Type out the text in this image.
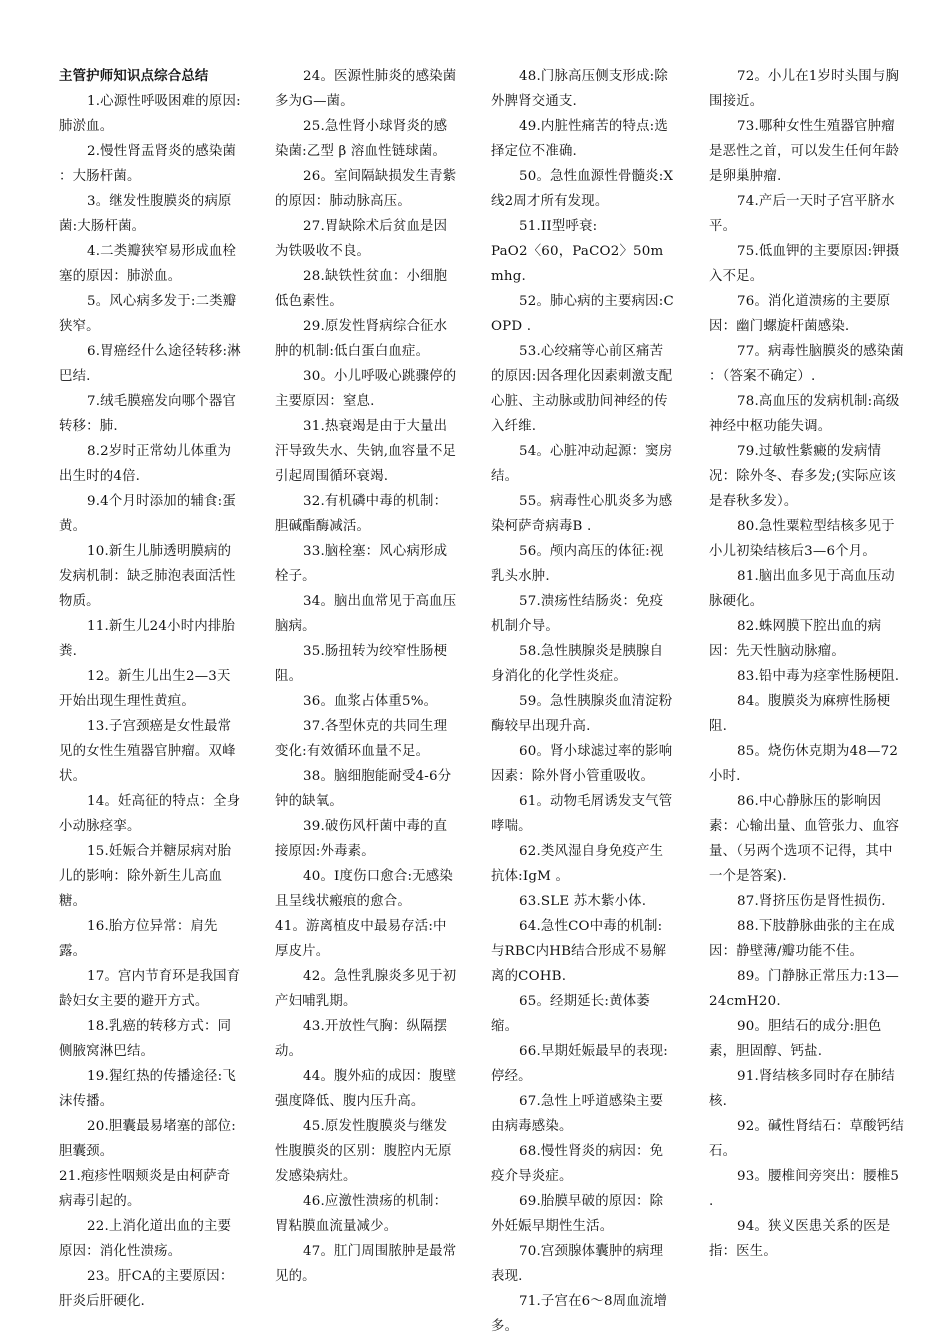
主管护师知识点综合总结

1.心源性呼吸困难的原因:肺淤血。

2.慢性肾盂肾炎的感染菌 ：大肠杆菌。

3。继发性腹膜炎的病原菌:大肠杆菌。

4.二类瓣狭窄易形成血栓塞的原因：肺淤血。

5。风心病多发于:二类瓣狭窄。

6.胃癌经什么途径转移:淋巴结.

7.绒毛膜癌发向哪个器官转移：肺.

8.2岁时正常幼儿体重为出生时的4倍.

9.4个月时添加的辅食:蛋黄。

10.新生儿肺透明膜病的发病机制：缺乏肺泡表面活性物质。

11.新生儿24小时内排胎粪.

12。新生儿出生2—3天开始出现生理性黄疸。

13.子宫颈癌是女性最常见的女性生殖器官肿瘤。双峰状。

14。妊高征的特点：全身小动脉痉挛。

15.妊娠合并糖尿病对胎儿的影响：除外新生儿高血糖。

16.胎方位异常：肩先露。

17。宫内节育环是我国育龄妇女主要的避开方式。

18.乳癌的转移方式：同侧腋窝淋巴结。

19.猩红热的传播途径:飞沫传播。

20.胆囊最易堵塞的部位:胆囊颈。

21.疱疹性咽颊炎是由柯萨奇病毒引起的。

22.上消化道出血的主要原因：消化性溃疡。

23。肝CA的主要原因：肝炎后肝硬化.

24。医源性肺炎的感染菌多为G—菌。

25.急性肾小球肾炎的感染菌:乙型 β 溶血性链球菌。

26。室间隔缺损发生青紫的原因：肺动脉高压。

27.胃缺除术后贫血是因为铁吸收不良。

28.缺铁性贫血：小细胞低色素性。

29.原发性肾病综合征水肿的机制:低白蛋白血症。

30。小儿呼吸心跳骤停的主要原因：窒息.

31.热衰竭是由于大量出汗导致失水、失钠,血容量不足引起周围循环衰竭.

32.有机磷中毒的机制：胆碱酯酶减活。

33.脑栓塞：风心病形成栓子。

34。脑出血常见于高血压脑病。

35.肠扭转为绞窄性肠梗阻。

36。血浆占体重5%。

37.各型休克的共同生理变化:有效循环血量不足。

38。脑细胞能耐受4-6分钟的缺氧。

39.破伤风杆菌中毒的直接原因:外毒素。

40。I度伤口愈合:无感染且呈线状瘢痕的愈合。

41。游离植皮中最易存活:中厚皮片。

42。急性乳腺炎多见于初产妇哺乳期。

43.开放性气胸：纵隔摆动。

44。腹外疝的成因：腹壁强度降低、腹内压升高。

45.原发性腹膜炎与继发性腹膜炎的区别：腹腔内无原发感染病灶。

46.应激性溃疡的机制：胃粘膜血流量减少。

47。肛门周围脓肿是最常见的。

48.门脉高压侧支形成:除外脾肾交通支.

49.内脏性痛苦的特点:选择定位不准确.

50。急性血源性骨髓炎:X线2周才所有发现。

51.II型呼衰:

PaO2〈60，PaCO2〉50mmhg.

52。肺心病的主要病因:COPD .

53.心绞痛等心前区痛苦的原因:因各理化因素刺激支配心脏、主动脉或肋间神经的传入纤维.

54。心脏冲动起源：窦房结。

55。病毒性心肌炎多为感染柯萨奇病毒B .

56。颅内高压的体征:视乳头水肿.

57.溃疡性结肠炎：免疫机制介导。

58.急性胰腺炎是胰腺自身消化的化学性炎症。

59。急性胰腺炎血清淀粉酶较早出现升高.

60。肾小球滤过率的影响因素：除外肾小管重吸收。

61。动物毛屑诱发支气管哮喘。

62.类风湿自身免疫产生抗体:IgM 。

63.SLE 苏木紫小体.

64.急性CO中毒的机制:与RBC内HB结合形成不易解离的COHB.

65。经期延长:黄体萎缩。

66.早期妊娠最早的表现:停经。

67.急性上呼道感染主要由病毒感染。

68.慢性肾炎的病因：免疫介导炎症。

69.胎膜早破的原因：除外妊娠早期性生活。

70.宫颈腺体囊肿的病理表现.

71.子宫在6～8周血流增多。

72。小儿在1岁时头围与胸围接近。

73.哪种女性生殖器官肿瘤是恶性之首，可以发生任何年龄是卵巢肿瘤.

74.产后一天时子宫平脐水平。

75.低血钾的主要原因:钾摄入不足。

76。消化道溃疡的主要原因：幽门螺旋杆菌感染.

77。病毒性脑膜炎的感染菌 ：（答案不确定）.

78.高血压的发病机制:高级神经中枢功能失调。

79.过敏性紫癜的发病情况：除外冬、春多发;(实际应该是春秋多发）。

80.急性粟粒型结核多见于小儿初染结核后3—6个月。

81.脑出血多见于高血压动脉硬化。

82.蛛网膜下腔出血的病因：先天性脑动脉瘤。

83.铅中毒为痉挛性肠梗阻.

84。腹膜炎为麻痹性肠梗阻.

85。烧伤休克期为48—72小时.

86.中心静脉压的影响因素：心输出量、血管张力、血容量、（另两个选项不记得，其中一个是答案).

87.肾挤压伤是肾性损伤.

88.下肢静脉曲张的主在成因：静壁薄/瓣功能不佳。

89。门静脉正常压力:13—24cmH20.

90。胆结石的成分:胆色素，胆固醇、钙盐.

91.肾结核多同时存在肺结核.

92。碱性肾结石：草酸钙结石。

93。腰椎间旁突出：腰椎5 .

94。狭义医患关系的医是指：医生。
